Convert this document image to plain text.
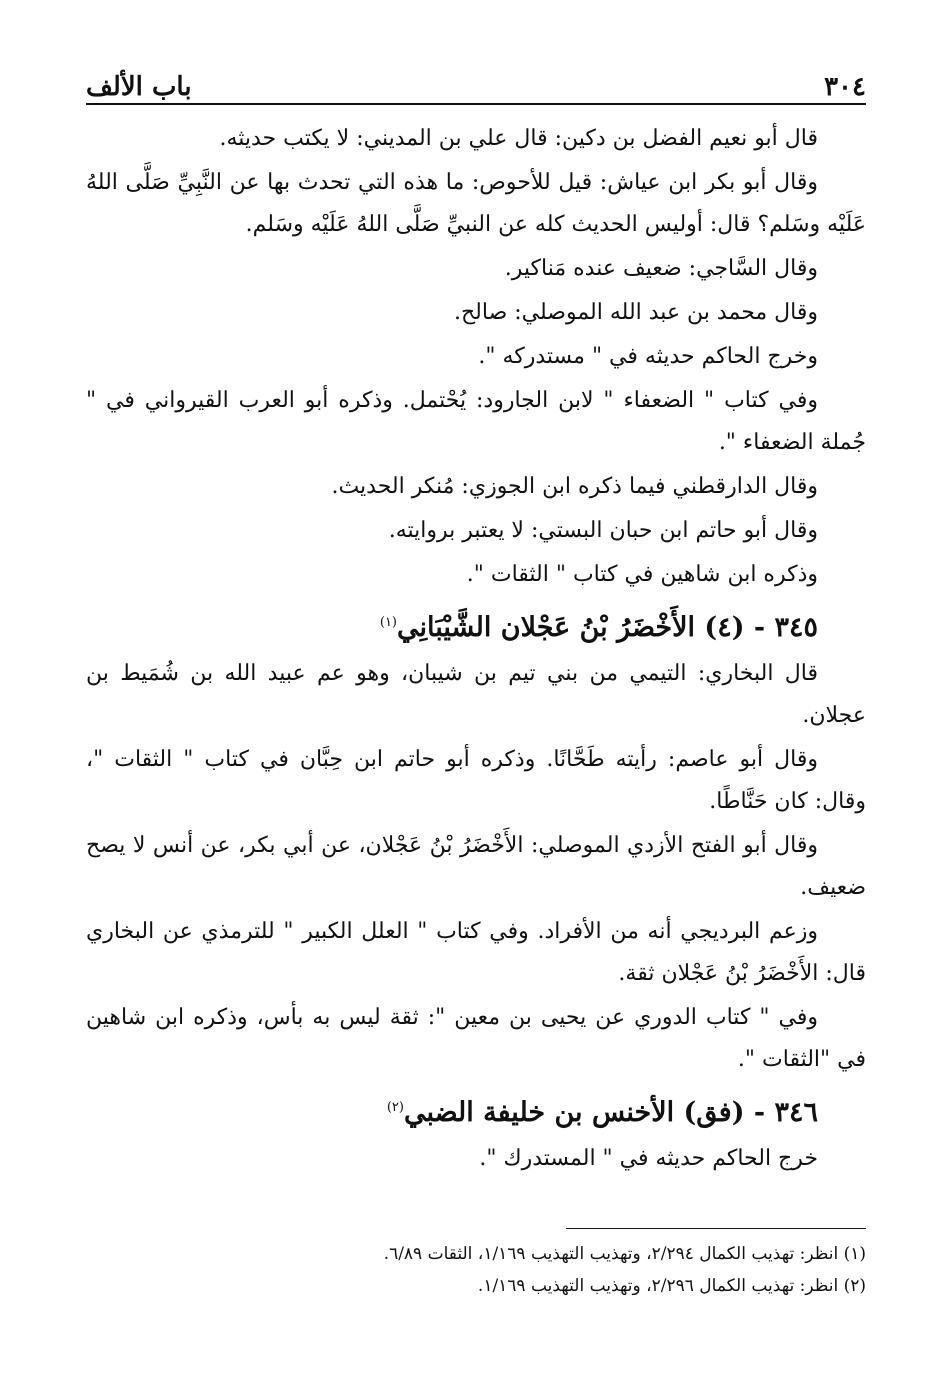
٣٠٤
باب الألف

قال أبو نعيم الفضل بن دكين: قال علي بن المديني: لا يكتب حديثه.

وقال أبو بكر ابن عياش: قيل للأحوص: ما هذه التي تحدث بها عن النَّبِيِّ صَلَّى اللهُ عَلَيْه وسَلم؟ قال: أوليس الحديث كله عن النبيِّ صَلَّى اللهُ عَلَيْه وسَلم.

وقال السَّاجي: ضعيف عنده مَناكير.

وقال محمد بن عبد الله الموصلي: صالح.

وخرج الحاكم حديثه في " مستدركه ".

وفي كتاب " الضعفاء " لابن الجارود: يُحْتمل. وذكره أبو العرب القيرواني في " جُملة الضعفاء ".

وقال الدارقطني فيما ذكره ابن الجوزي: مُنكر الحديث.

وقال أبو حاتم ابن حبان البستي: لا يعتبر بروايته.

وذكره ابن شاهين في كتاب " الثقات ".

٣٤٥ - (٤) الأَخْضَرُ بْنُ عَجْلان الشَّيْبَانِي$^{(١)}$

قال البخاري: التيمي من بني تيم بن شيبان، وهو عم عبيد الله بن شُمَيط بن عجلان.

وقال أبو عاصم: رأيته طَحَّانًا. وذكره أبو حاتم ابن حِبَّان في كتاب " الثقات "، وقال: كان حَنَّاطًا.

وقال أبو الفتح الأزدي الموصلي: الأَخْضَرُ بْنُ عَجْلان، عن أبي بكر، عن أنس لا يصح ضعيف.

وزعم البرديجي أنه من الأفراد. وفي كتاب " العلل الكبير " للترمذي عن البخاري قال: الأَخْضَرُ بْنُ عَجْلان ثقة.

وفي " كتاب الدوري عن يحيى بن معين ": ثقة ليس به بأس، وذكره ابن شاهين في "الثقات ".

٣٤٦ - (فق) الأخنس بن خليفة الضبي$^{(٢)}$

خرج الحاكم حديثه في " المستدرك ".

(١) انظر: تهذيب الكمال ٢/٢٩٤، وتهذيب التهذيب ١/١٦٩، الثقات ٦/٨٩.

(٢) انظر: تهذيب الكمال ٢/٢٩٦، وتهذيب التهذيب ١/١٦٩.
